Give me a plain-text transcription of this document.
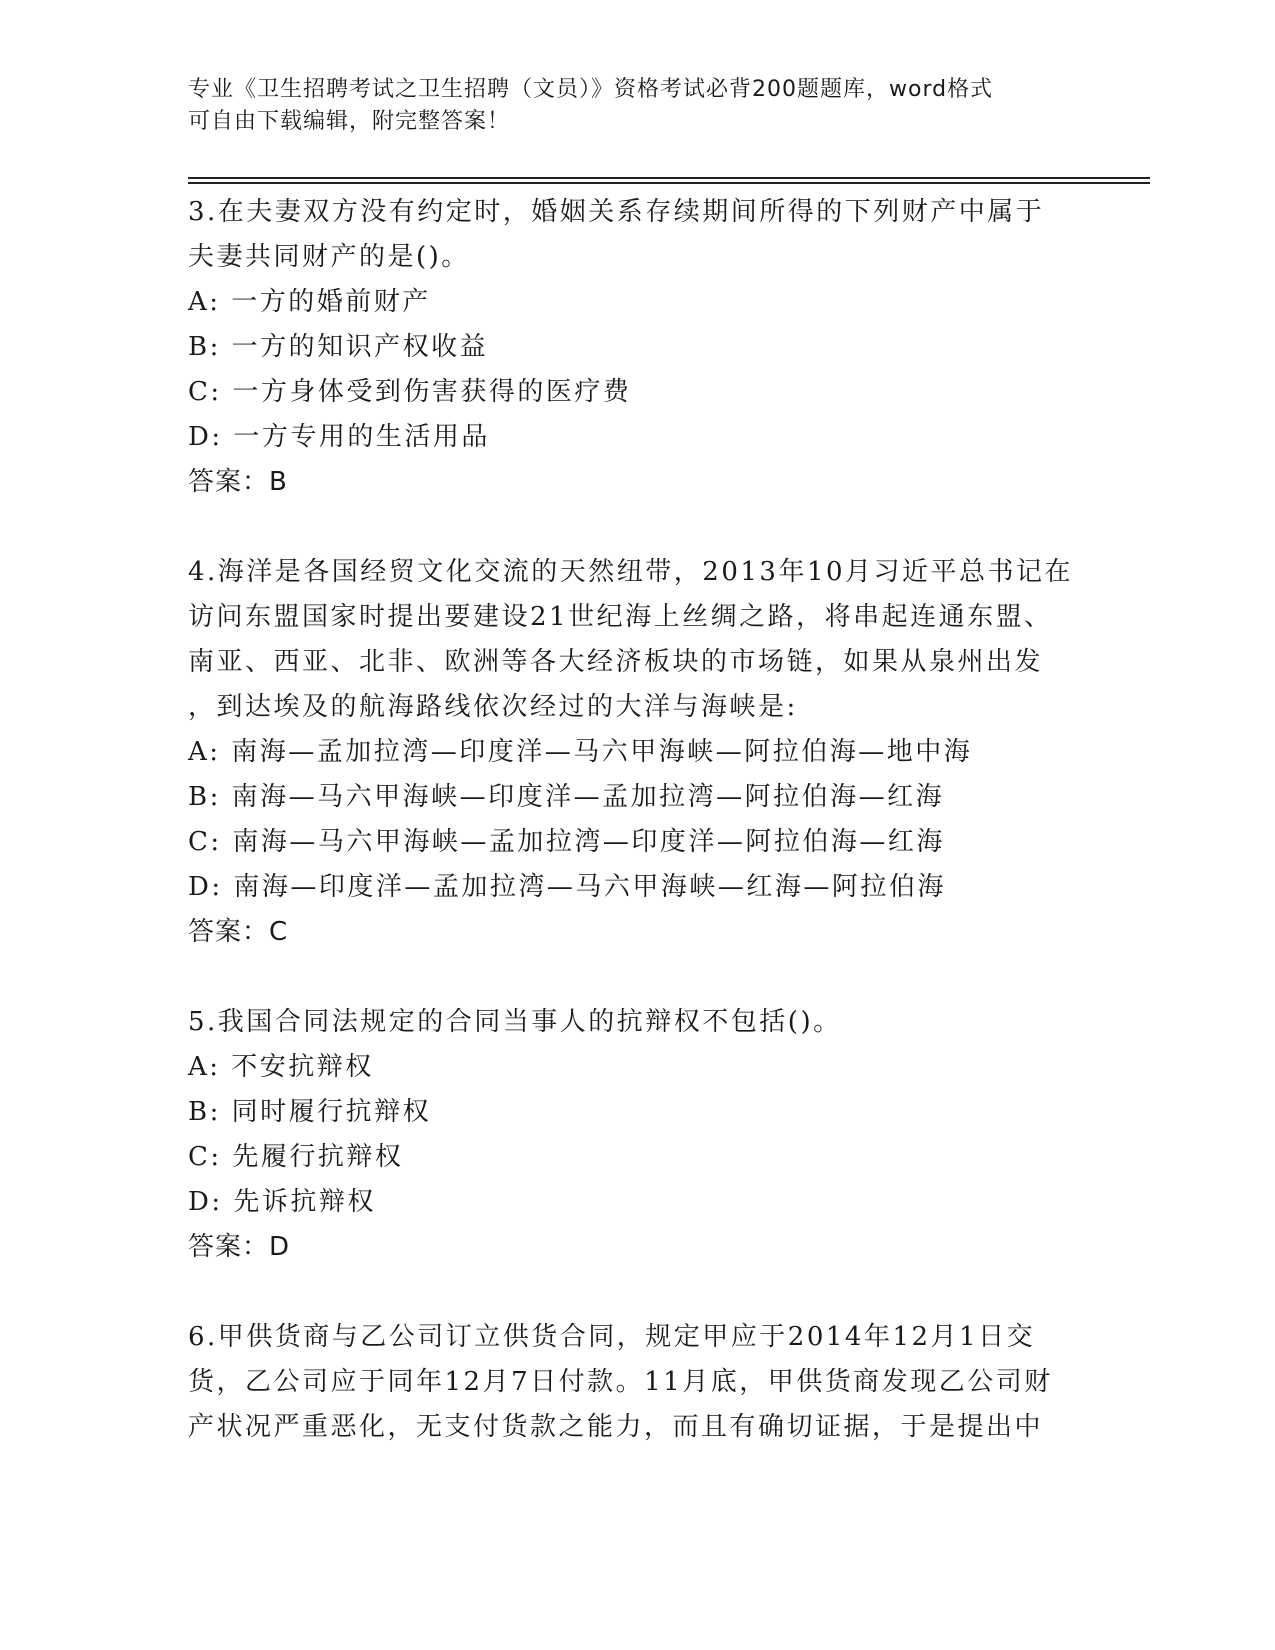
专业《卫生招聘考试之卫生招聘（文员）》资格考试必背200题题库，word格式
可自由下载编辑，附完整答案！
3.在夫妻双方没有约定时，婚姻关系存续期间所得的下列财产中属于
夫妻共同财产的是()。
A: 一方的婚前财产
B: 一方的知识产权收益
C: 一方身体受到伤害获得的医疗费
D: 一方专用的生活用品
答案：B
4.海洋是各国经贸文化交流的天然纽带，2013年10月习近平总书记在
访问东盟国家时提出要建设21世纪海上丝绸之路，将串起连通东盟、
南亚、西亚、北非、欧洲等各大经济板块的市场链，如果从泉州出发
，到达埃及的航海路线依次经过的大洋与海峡是:
A: 南海—孟加拉湾—印度洋—马六甲海峡—阿拉伯海—地中海
B: 南海—马六甲海峡—印度洋—孟加拉湾—阿拉伯海—红海
C: 南海—马六甲海峡—孟加拉湾—印度洋—阿拉伯海—红海
D: 南海—印度洋—孟加拉湾—马六甲海峡—红海—阿拉伯海
答案：C
5.我国合同法规定的合同当事人的抗辩权不包括()。
A: 不安抗辩权
B: 同时履行抗辩权
C: 先履行抗辩权
D: 先诉抗辩权
答案：D
6.甲供货商与乙公司订立供货合同，规定甲应于2014年12月1日交
货，乙公司应于同年12月7日付款。11月底，甲供货商发现乙公司财
产状况严重恶化，无支付货款之能力，而且有确切证据，于是提出中
